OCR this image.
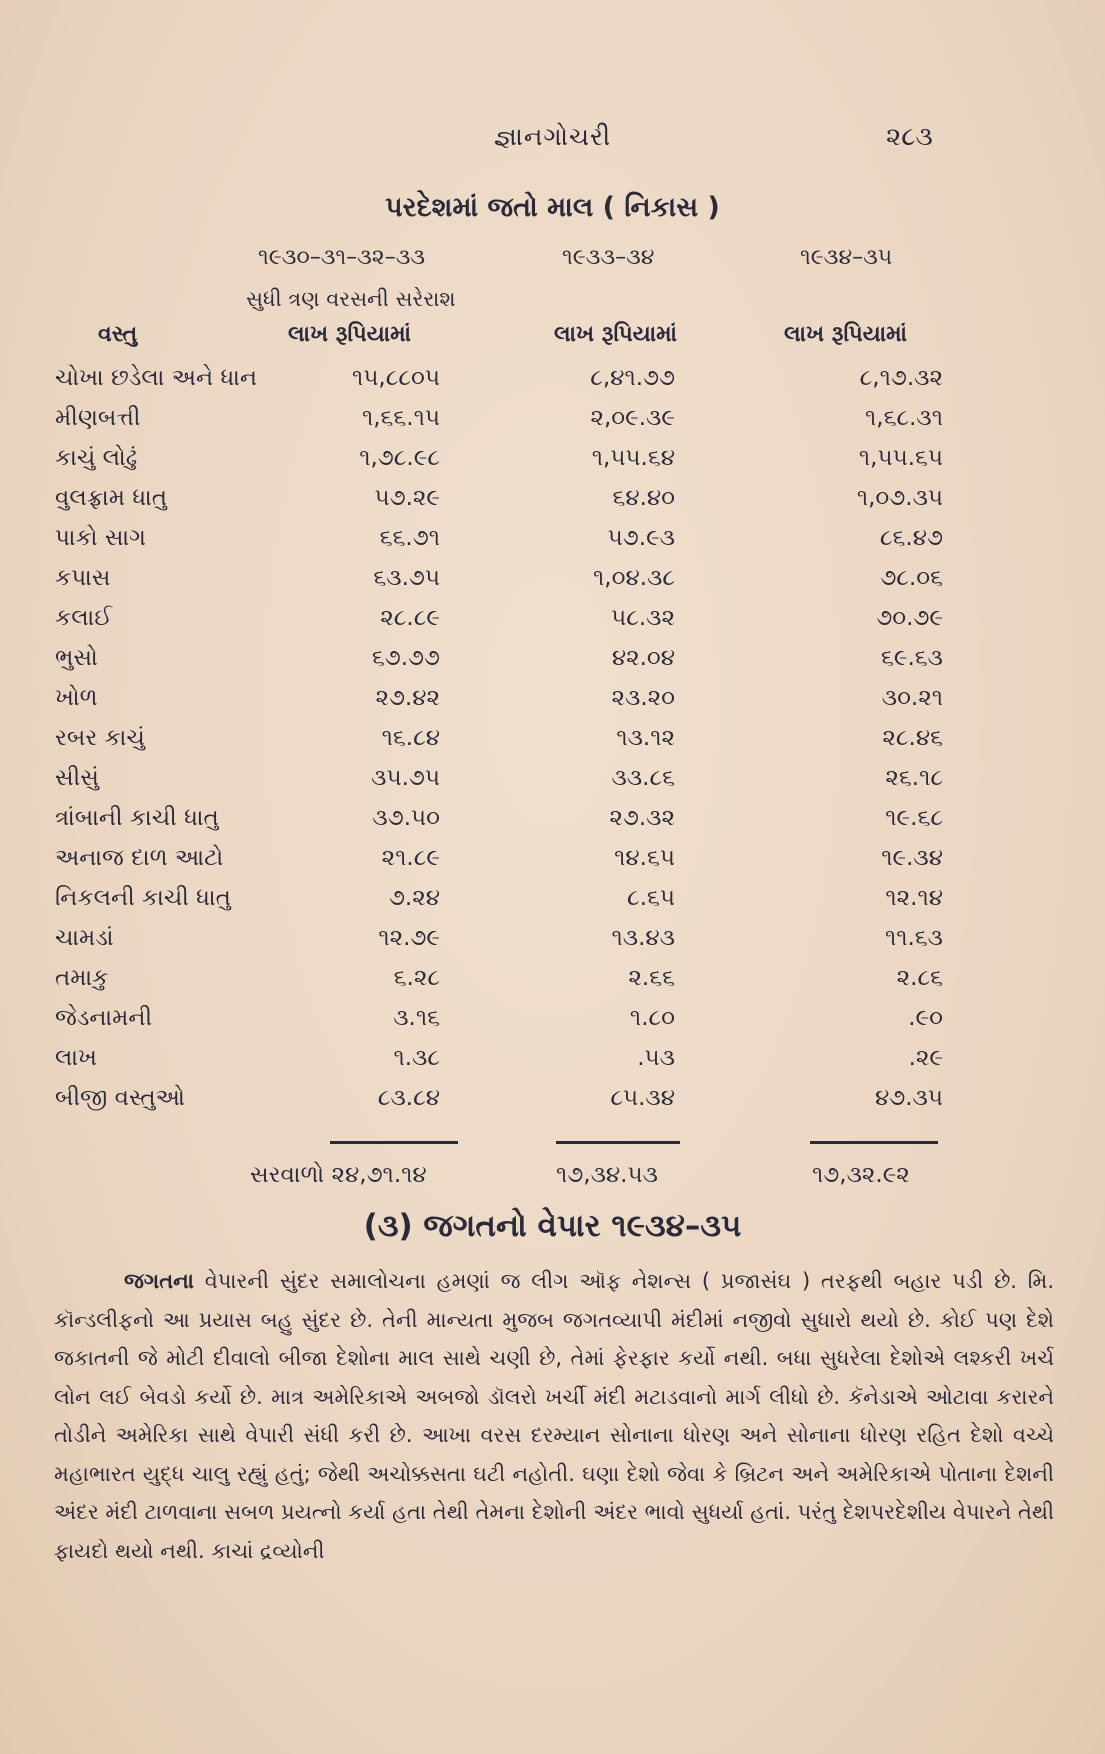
જ્ઞાનગોચરી	૨૮૩
પરદેશમાં જતો માલ ( નિકાસ )
૧૯૩૦–૩૧–૩૨–૩૩	૧૯૩૩–૩૪	૧૯૩૪–૩૫
સુધી ત્રણ વરસની સરેરાશ
વસ્તુ	લાખ રૂપિયામાં	લાખ રૂપિયામાં	લાખ રૂપિયામાં
ચોખા છડેલા અને ધાન	૧૫,૮૮૦૫	૮,૪૧.૭૭	૮,૧૭.૩૨
મીણબત્તી	૧,૬૬.૧૫	૨,૦૯.૩૯	૧,૬૮.૩૧
કાચું લોઢું	૧,૭૮.૯૮	૧,૫૫.૬૪	૧,૫૫.૬૫
વુલફ્રામ ધાતુ	૫૭.૨૯	૬૪.૪૦	૧,૦૭.૩૫
પાકો સાગ	૬૬.૭૧	૫૭.૯૩	૮૬.૪૭
કપાસ	૬૩.૭૫	૧,૦૪.૩૮	૭૮.૦૬
કલાઈ	૨૮.૮૯	૫૮.૩૨	૭૦.૭૯
ભુસો	૬૭.૭૭	૪૨.૦૪	૬૯.૬૩
ખોળ	૨૭.૪૨	૨૩.૨૦	૩૦.૨૧
રબર કાચું	૧૬.૮૪	૧૩.૧૨	૨૮.૪૬
સીસું	૩૫.૭૫	૩૩.૮૬	૨૬.૧૮
ત્રાંબાની કાચી ધાતુ	૩૭.૫૦	૨૭.૩૨	૧૯.૬૮
અનાજ દાળ આટો	૨૧.૮૯	૧૪.૬૫	૧૯.૩૪
નિકલની કાચી ધાતુ	૭.૨૪	૮.૬૫	૧૨.૧૪
ચામડાં	૧૨.૭૯	૧૩.૪૩	૧૧.૬૩
તમાકુ	૬.૨૮	૨.૬૬	૨.૮૬
જેડનામની	૩.૧૬	૧.૮૦	.૯૦
લાખ	૧.૩૮	.૫૩	.૨૯
બીજી વસ્તુઓ	૮૩.૮૪	૮૫.૩૪	૪૭.૩૫
સરવાળો ૨૪,૭૧.૧૪	૧૭,૩૪.૫૩	૧૭,૩૨.૯૨
(૩) જગતનો વેપાર ૧૯૩૪–૩૫
જગતના વેપારની સુંદર સમાલોચના હમણાં જ લીગ ઑફ નેશન્સ ( પ્રજાસંઘ ) તરફથી બહાર પડી છે. મિ. કૉન્ડલીફનો આ પ્રયાસ બહુ સુંદર છે. તેની માન્યતા મુજબ જગતવ્યાપી મંદીમાં નજીવો સુધારો થયો છે. કોઈ પણ દેશે જકાતની જે મોટી દીવાલો બીજા દેશોના માલ સાથે ચણી છે, તેમાં ફેરફાર કર્યો નથી. બધા સુધરેલા દેશોએ લશ્કરી ખર્ચ લોન લઈ બેવડો કર્યો છે. માત્ર અમેરિકાએ અબજો ડૉલરો ખર્ચી મંદી મટાડવાનો માર્ગ લીધો છે. કૅનેડાએ ઓટાવા કરારને તોડીને અમેરિકા સાથે વેપારી સંધી કરી છે. આખા વરસ દરમ્યાન સોનાના ધોરણ અને સોનાના ધોરણ રહિત દેશો વચ્ચે મહાભારત યુદ્ધ ચાલુ રહ્યું હતું; જેથી અચોક્કસતા ઘટી નહોતી. ઘણા દેશો જેવા કે બ્રિટન અને અમેરિકાએ પોતાના દેશની અંદર મંદી ટાળવાના સબળ પ્રયત્નો કર્યા હતા તેથી તેમના દેશોની અંદર ભાવો સુધર્યા હતાં. પરંતુ દેશપરદેશીય વેપારને તેથી ફાયદો થયો નથી. કાચાં દ્રવ્યોની
